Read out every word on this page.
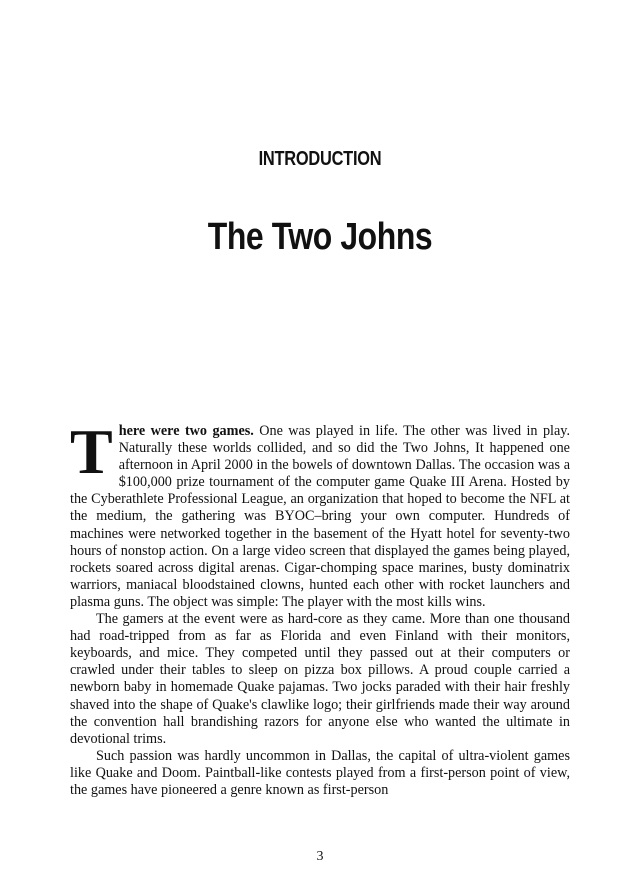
INTRODUCTION
The Two Johns

There were two games. One was played in life. The other was lived in play. Naturally these worlds collided, and so did the Two Johns, It happened one afternoon in April 2000 in the bowels of downtown Dallas. The occasion was a $100,000 prize tournament of the computer game Quake III Arena. Hosted by the Cyberathlete Professional League, an organization that hoped to become the NFL at the medium, the gathering was BYOC–bring your own computer. Hundreds of machines were networked together in the basement of the Hyatt hotel for seventy-two hours of nonstop action. On a large video screen that displayed the games being played, rockets soared across digital arenas. Cigar-chomping space marines, busty dominatrix warriors, maniacal bloodstained clowns, hunted each other with rocket launchers and plasma guns. The object was simple: The player with the most kills wins.

The gamers at the event were as hard-core as they came. More than one thousand had road-tripped from as far as Florida and even Finland with their monitors, keyboards, and mice. They competed until they passed out at their computers or crawled under their tables to sleep on pizza box pillows. A proud couple carried a newborn baby in homemade Quake pajamas. Two jocks paraded with their hair freshly shaved into the shape of Quake's clawlike logo; their girlfriends made their way around the convention hall brandishing razors for anyone else who wanted the ultimate in devotional trims.

Such passion was hardly uncommon in Dallas, the capital of ultra-violent games like Quake and Doom. Paintball-like contests played from a first-person point of view, the games have pioneered a genre known as first-person

3
